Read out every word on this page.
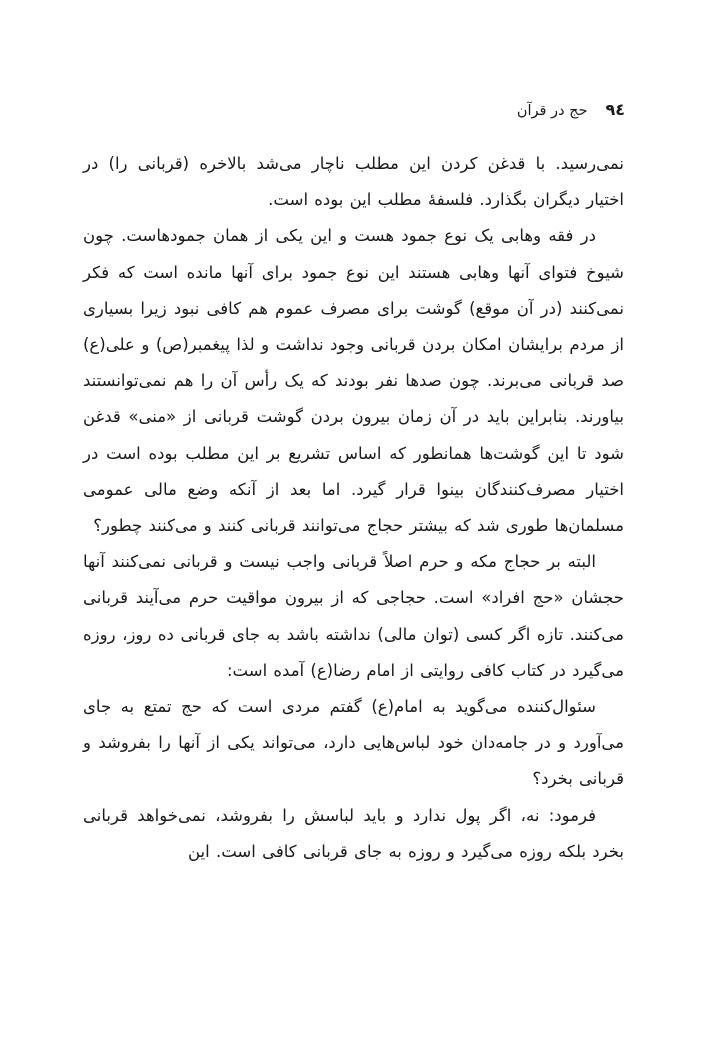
٩٤
حج در قرآن

نمی‌رسید. با قدغن کردن این مطلب ناچار می‌شد بالاخره (قربانی را) در اختیار دیگران بگذارد. فلسفهٔ مطلب این بوده است.

در فقه وهابی یک نوع جمود هست و این یکی از همان جمودهاست. چون شیوخ فتوای آنها وهابی هستند این نوع جمود برای آنها مانده است که فکر نمی‌کنند (در آن موقع) گوشت برای مصرف عموم هم کافی نبود زیرا بسیاری از مردم برایشان امکان بردن قربانی وجود نداشت و لذا پیغمبر(ص) و علی(ع) صد قربانی می‌برند. چون صدها نفر بودند که یک رأس آن را هم نمی‌توانستند بیاورند. بنابراین باید در آن زمان بیرون بردن گوشت قربانی از «منی» قدغن شود تا این گوشت‌ها همانطور که اساس تشریع بر این مطلب بوده است در اختیار مصرف‌کنندگان بینوا قرار گیرد. اما بعد از آنکه وضع مالی عمومی مسلمان‌ها طوری شد که بیشتر حجاج می‌توانند قربانی کنند و می‌کنند چطور؟

البته بر حجاج مکه و حرم اصلاً قربانی واجب نیست و قربانی نمی‌کنند آنها حجشان «حج افراد» است. حجاجی که از بیرون مواقیت حرم می‌آیند قربانی می‌کنند. تازه اگر کسی (توان مالی) نداشته باشد به جای قربانی ده روز، روزه می‌گیرد در کتاب کافی روایتی از امام رضا(ع) آمده است:

سئوال‌کننده می‌گوید به امام(ع) گفتم مردی است که حج تمتع به جای می‌آورد و در جامه‌دان خود لباس‌هایی دارد، می‌تواند یکی از آنها را بفروشد و قربانی بخرد؟

فرمود: نه، اگر پول ندارد و باید لباسش را بفروشد، نمی‌خواهد قربانی بخرد بلکه روزه می‌گیرد و روزه به جای قربانی کافی است. این
